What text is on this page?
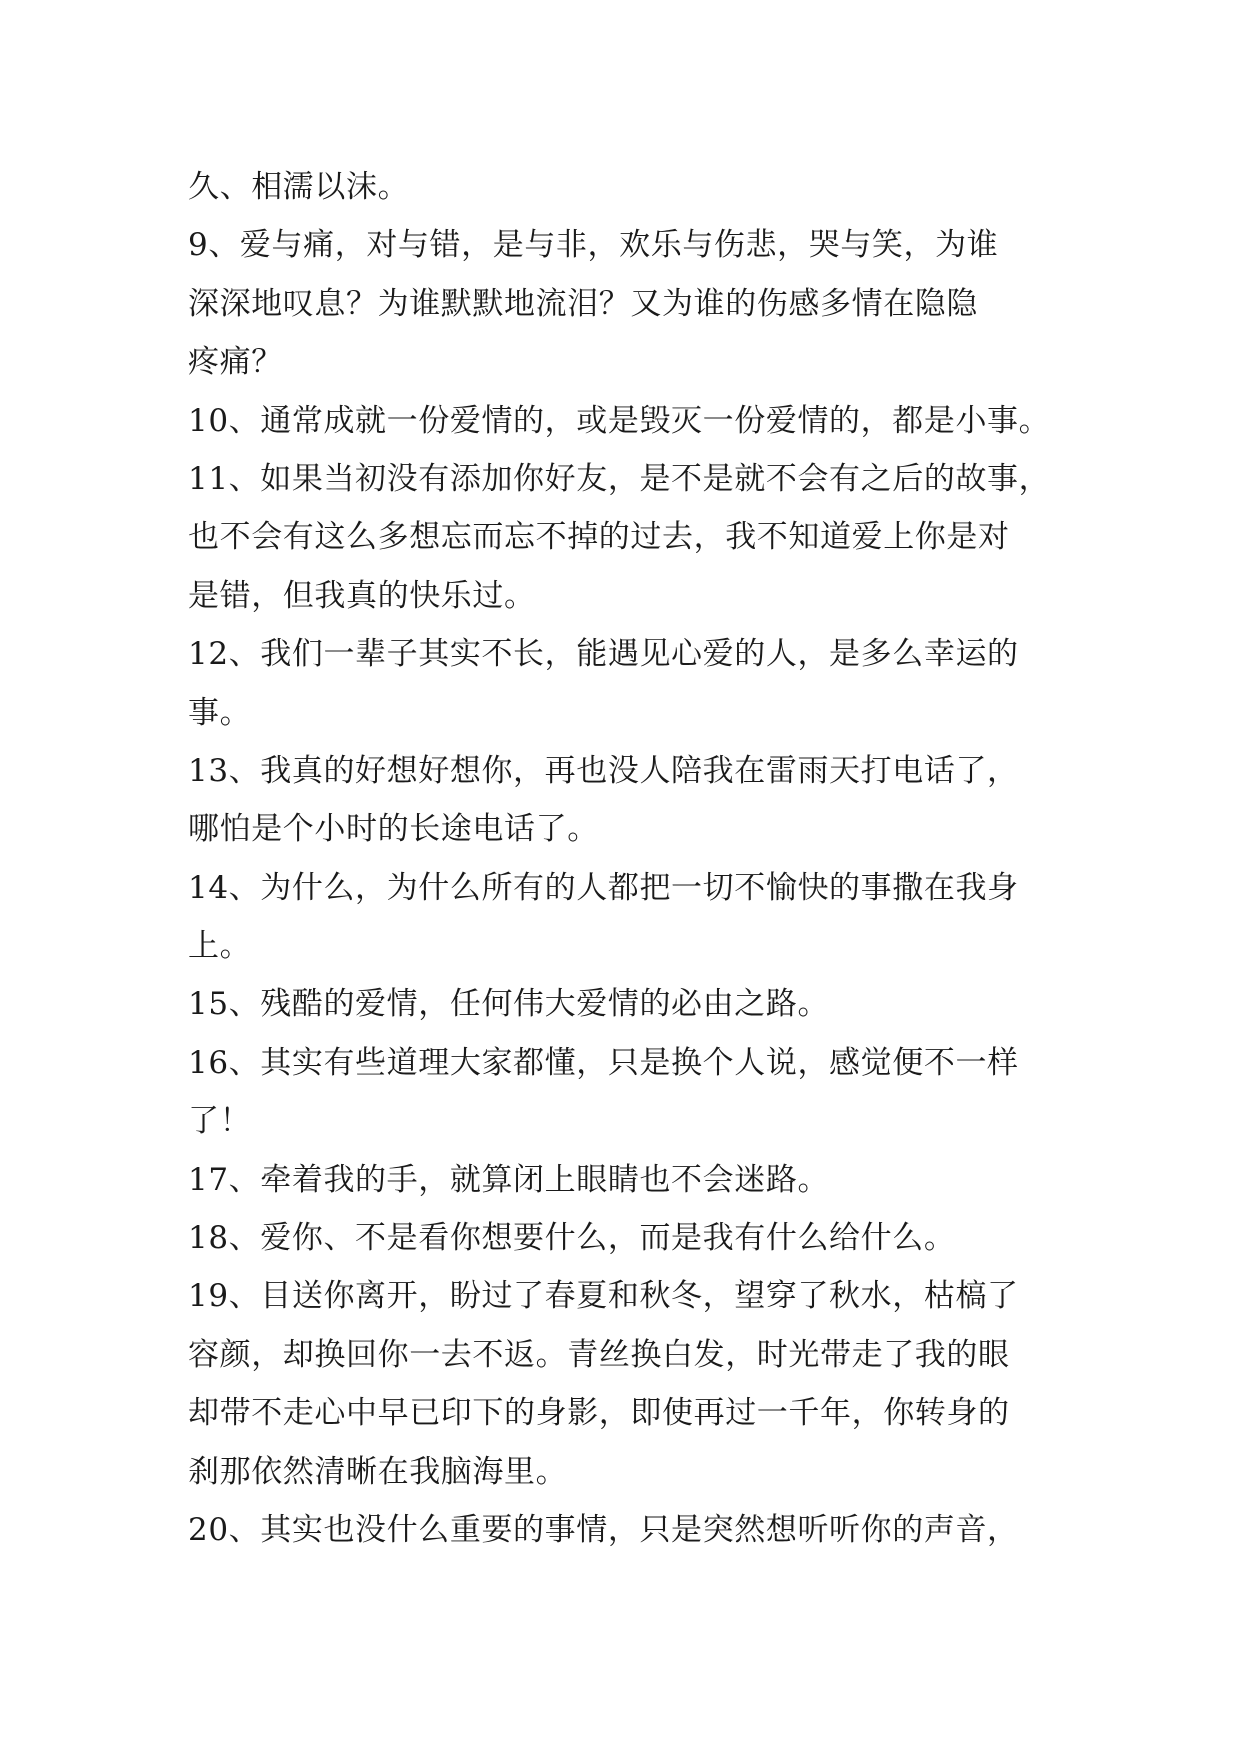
久、相濡以沫。
9、爱与痛，对与错，是与非，欢乐与伤悲，哭与笑，为谁
深深地叹息？为谁默默地流泪？又为谁的伤感多情在隐隐
疼痛？
10、通常成就一份爱情的，或是毁灭一份爱情的，都是小事。
11、如果当初没有添加你好友，是不是就不会有之后的故事，
也不会有这么多想忘而忘不掉的过去，我不知道爱上你是对
是错，但我真的快乐过。
12、我们一辈子其实不长，能遇见心爱的人，是多么幸运的
事。
13、我真的好想好想你，再也没人陪我在雷雨天打电话了，
哪怕是个小时的长途电话了。
14、为什么，为什么所有的人都把一切不愉快的事撒在我身
上。
15、残酷的爱情，任何伟大爱情的必由之路。
16、其实有些道理大家都懂，只是换个人说，感觉便不一样
了！
17、牵着我的手，就算闭上眼睛也不会迷路。
18、爱你、不是看你想要什么，而是我有什么给什么。
19、目送你离开，盼过了春夏和秋冬，望穿了秋水，枯槁了
容颜，却换回你一去不返。青丝换白发，时光带走了我的眼
却带不走心中早已印下的身影，即使再过一千年，你转身的
刹那依然清晰在我脑海里。
20、其实也没什么重要的事情，只是突然想听听你的声音，
